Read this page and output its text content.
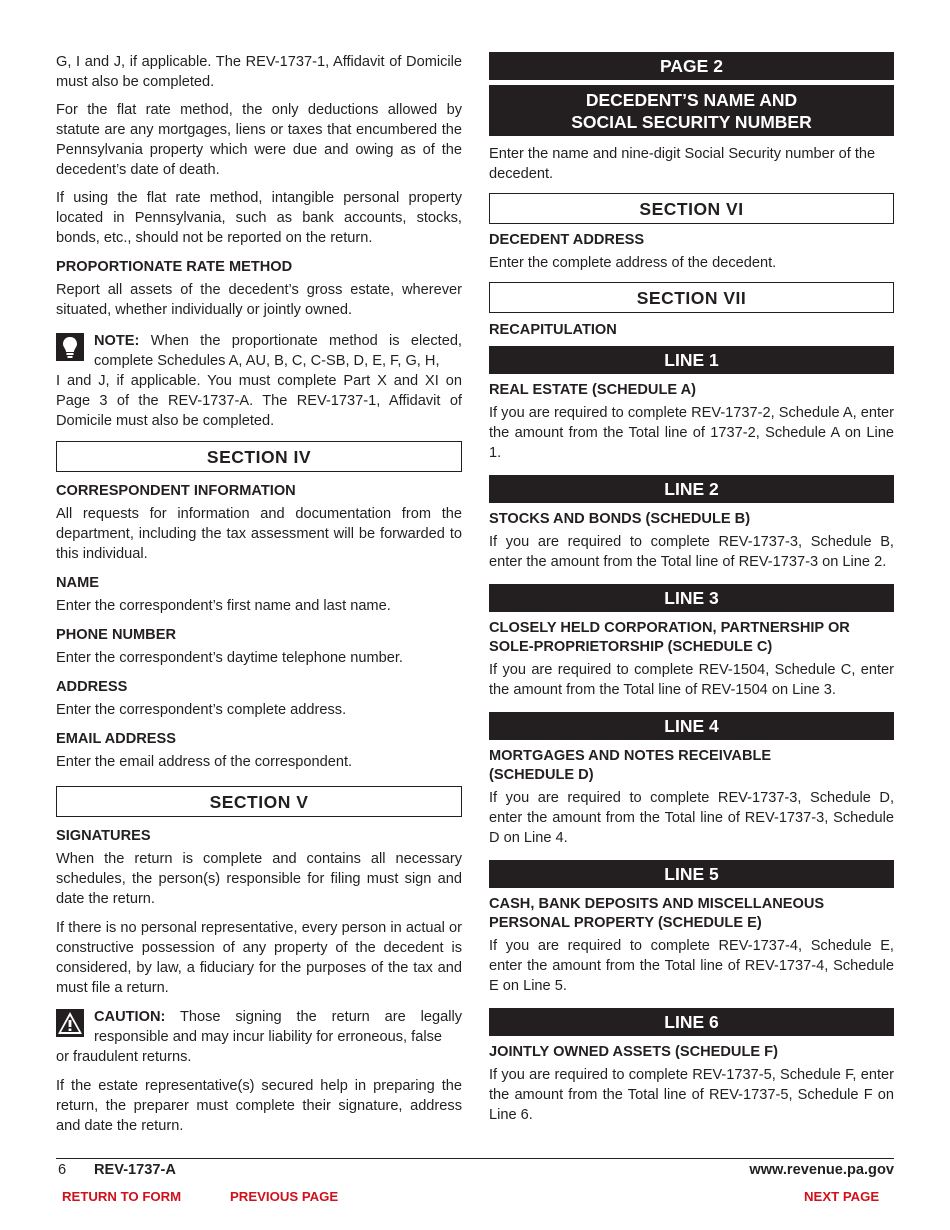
G, I and J, if applicable. The REV-1737-1, Affidavit of Domicile must also be completed.

For the flat rate method, the only deductions allowed by statute are any mortgages, liens or taxes that encumbered the Pennsylvania property which were due and owing as of the decedent’s date of death.

If using the flat rate method, intangible personal property located in Pennsylvania, such as bank accounts, stocks, bonds, etc., should not be reported on the return.

PROPORTIONATE RATE METHOD

Report all assets of the decedent’s gross estate, wherever situated, whether individually or jointly owned.

NOTE: When the proportionate method is elected, complete Schedules A, AU, B, C, C-SB, D, E, F, G, H,

I and J, if applicable. You must complete Part X and XI on Page 3 of the REV-1737-A. The REV-1737-1, Affidavit of Domicile must also be completed.

SECTION IV
CORRESPONDENT INFORMATION

All requests for information and documentation from the department, including the tax assessment will be forwarded to this individual.

NAME

Enter the correspondent’s first name and last name.

PHONE NUMBER

Enter the correspondent’s daytime telephone number.

ADDRESS

Enter the correspondent’s complete address.

EMAIL ADDRESS

Enter the email address of the correspondent.

SECTION V
SIGNATURES

When the return is complete and contains all necessary schedules, the person(s) responsible for filing must sign and date the return.

If there is no personal representative, every person in actual or constructive possession of any property of the decedent is considered, by law, a fiduciary for the purposes of the tax and must file a return.

CAUTION: Those signing the return are legally responsible and may incur liability for erroneous, false

or fraudulent returns.

If the estate representative(s) secured help in preparing the return, the preparer must complete their signature, address and date the return.

PAGE 2
DECEDENT’S NAME AND
SOCIAL SECURITY NUMBER

Enter the name and nine-digit Social Security number of the decedent.

SECTION VI
DECEDENT ADDRESS

Enter the complete address of the decedent.

SECTION VII
RECAPITULATION
LINE 1
REAL ESTATE (SCHEDULE A)

If you are required to complete REV-1737-2, Schedule A, enter the amount from the Total line of 1737-2, Schedule A on Line 1.

LINE 2
STOCKS AND BONDS (SCHEDULE B)

If you are required to complete REV-1737-3, Schedule B, enter the amount from the Total line of REV-1737-3 on Line 2.

LINE 3
CLOSELY HELD CORPORATION, PARTNERSHIP OR
SOLE-PROPRIETORSHIP (SCHEDULE C)

If you are required to complete REV-1504, Schedule C, enter the amount from the Total line of REV-1504 on Line 3.

LINE 4
MORTGAGES AND NOTES RECEIVABLE
(SCHEDULE D)

If you are required to complete REV-1737-3, Schedule D, enter the amount from the Total line of REV-1737-3, Schedule D on Line 4.

LINE 5
CASH, BANK DEPOSITS AND MISCELLANEOUS
PERSONAL PROPERTY (SCHEDULE E)

If you are required to complete REV-1737-4, Schedule E, enter the amount from the Total line of REV-1737-4, Schedule E on Line 5.

LINE 6
JOINTLY OWNED ASSETS (SCHEDULE F)

If you are required to complete REV-1737-5, Schedule F, enter the amount from the Total line of REV-1737-5, Schedule F on Line 6.

6 REV-1737-A	www.revenue.pa.gov
RETURN TO FORM	PREVIOUS PAGE	NEXT PAGE
